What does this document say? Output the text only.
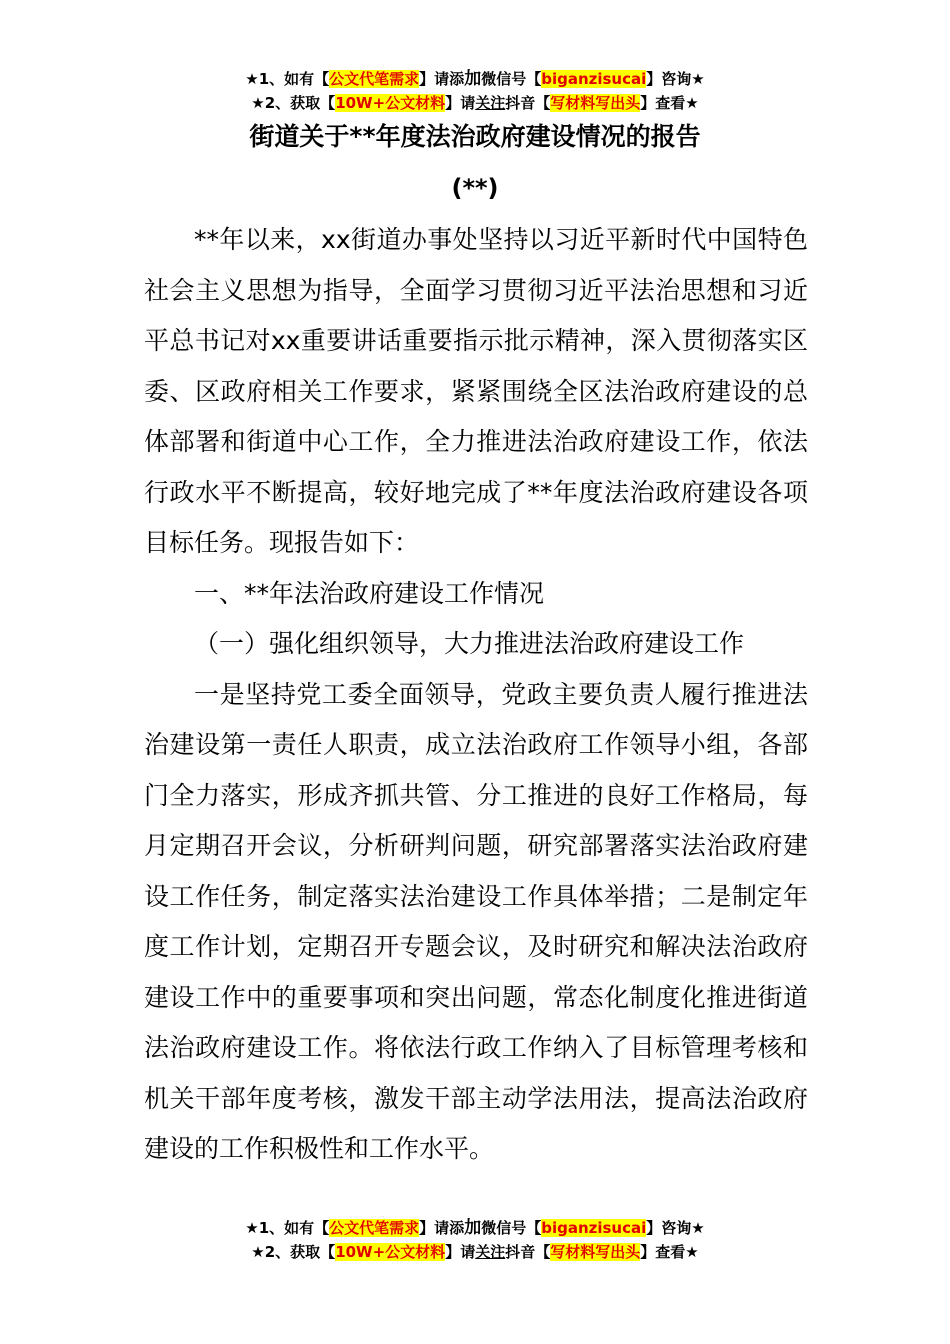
★1、如有【公文代笔需求】请添加微信号【biganzisucai】咨询★
★2、获取【10W+公文材料】请关注抖音【写材料写出头】查看★
街道关于**年度法治政府建设情况的报告
(**)

**年以来，xx街道办事处坚持以习近平新时代中国特色社会主义思想为指导，全面学习贯彻习近平法治思想和习近平总书记对xx重要讲话重要指示批示精神，深入贯彻落实区委、区政府相关工作要求，紧紧围绕全区法治政府建设的总体部署和街道中心工作，全力推进法治政府建设工作，依法行政水平不断提高，较好地完成了**年度法治政府建设各项目标任务。现报告如下：

一、**年法治政府建设工作情况

（一）强化组织领导，大力推进法治政府建设工作

一是坚持党工委全面领导，党政主要负责人履行推进法治建设第一责任人职责，成立法治政府工作领导小组，各部门全力落实，形成齐抓共管、分工推进的良好工作格局，每月定期召开会议，分析研判问题，研究部署落实法治政府建设工作任务，制定落实法治建设工作具体举措；二是制定年度工作计划，定期召开专题会议，及时研究和解决法治政府建设工作中的重要事项和突出问题，常态化制度化推进街道法治政府建设工作。将依法行政工作纳入了目标管理考核和机关干部年度考核，激发干部主动学法用法，提高法治政府建设的工作积极性和工作水平。

★1、如有【公文代笔需求】请添加微信号【biganzisucai】咨询★
★2、获取【10W+公文材料】请关注抖音【写材料写出头】查看★
